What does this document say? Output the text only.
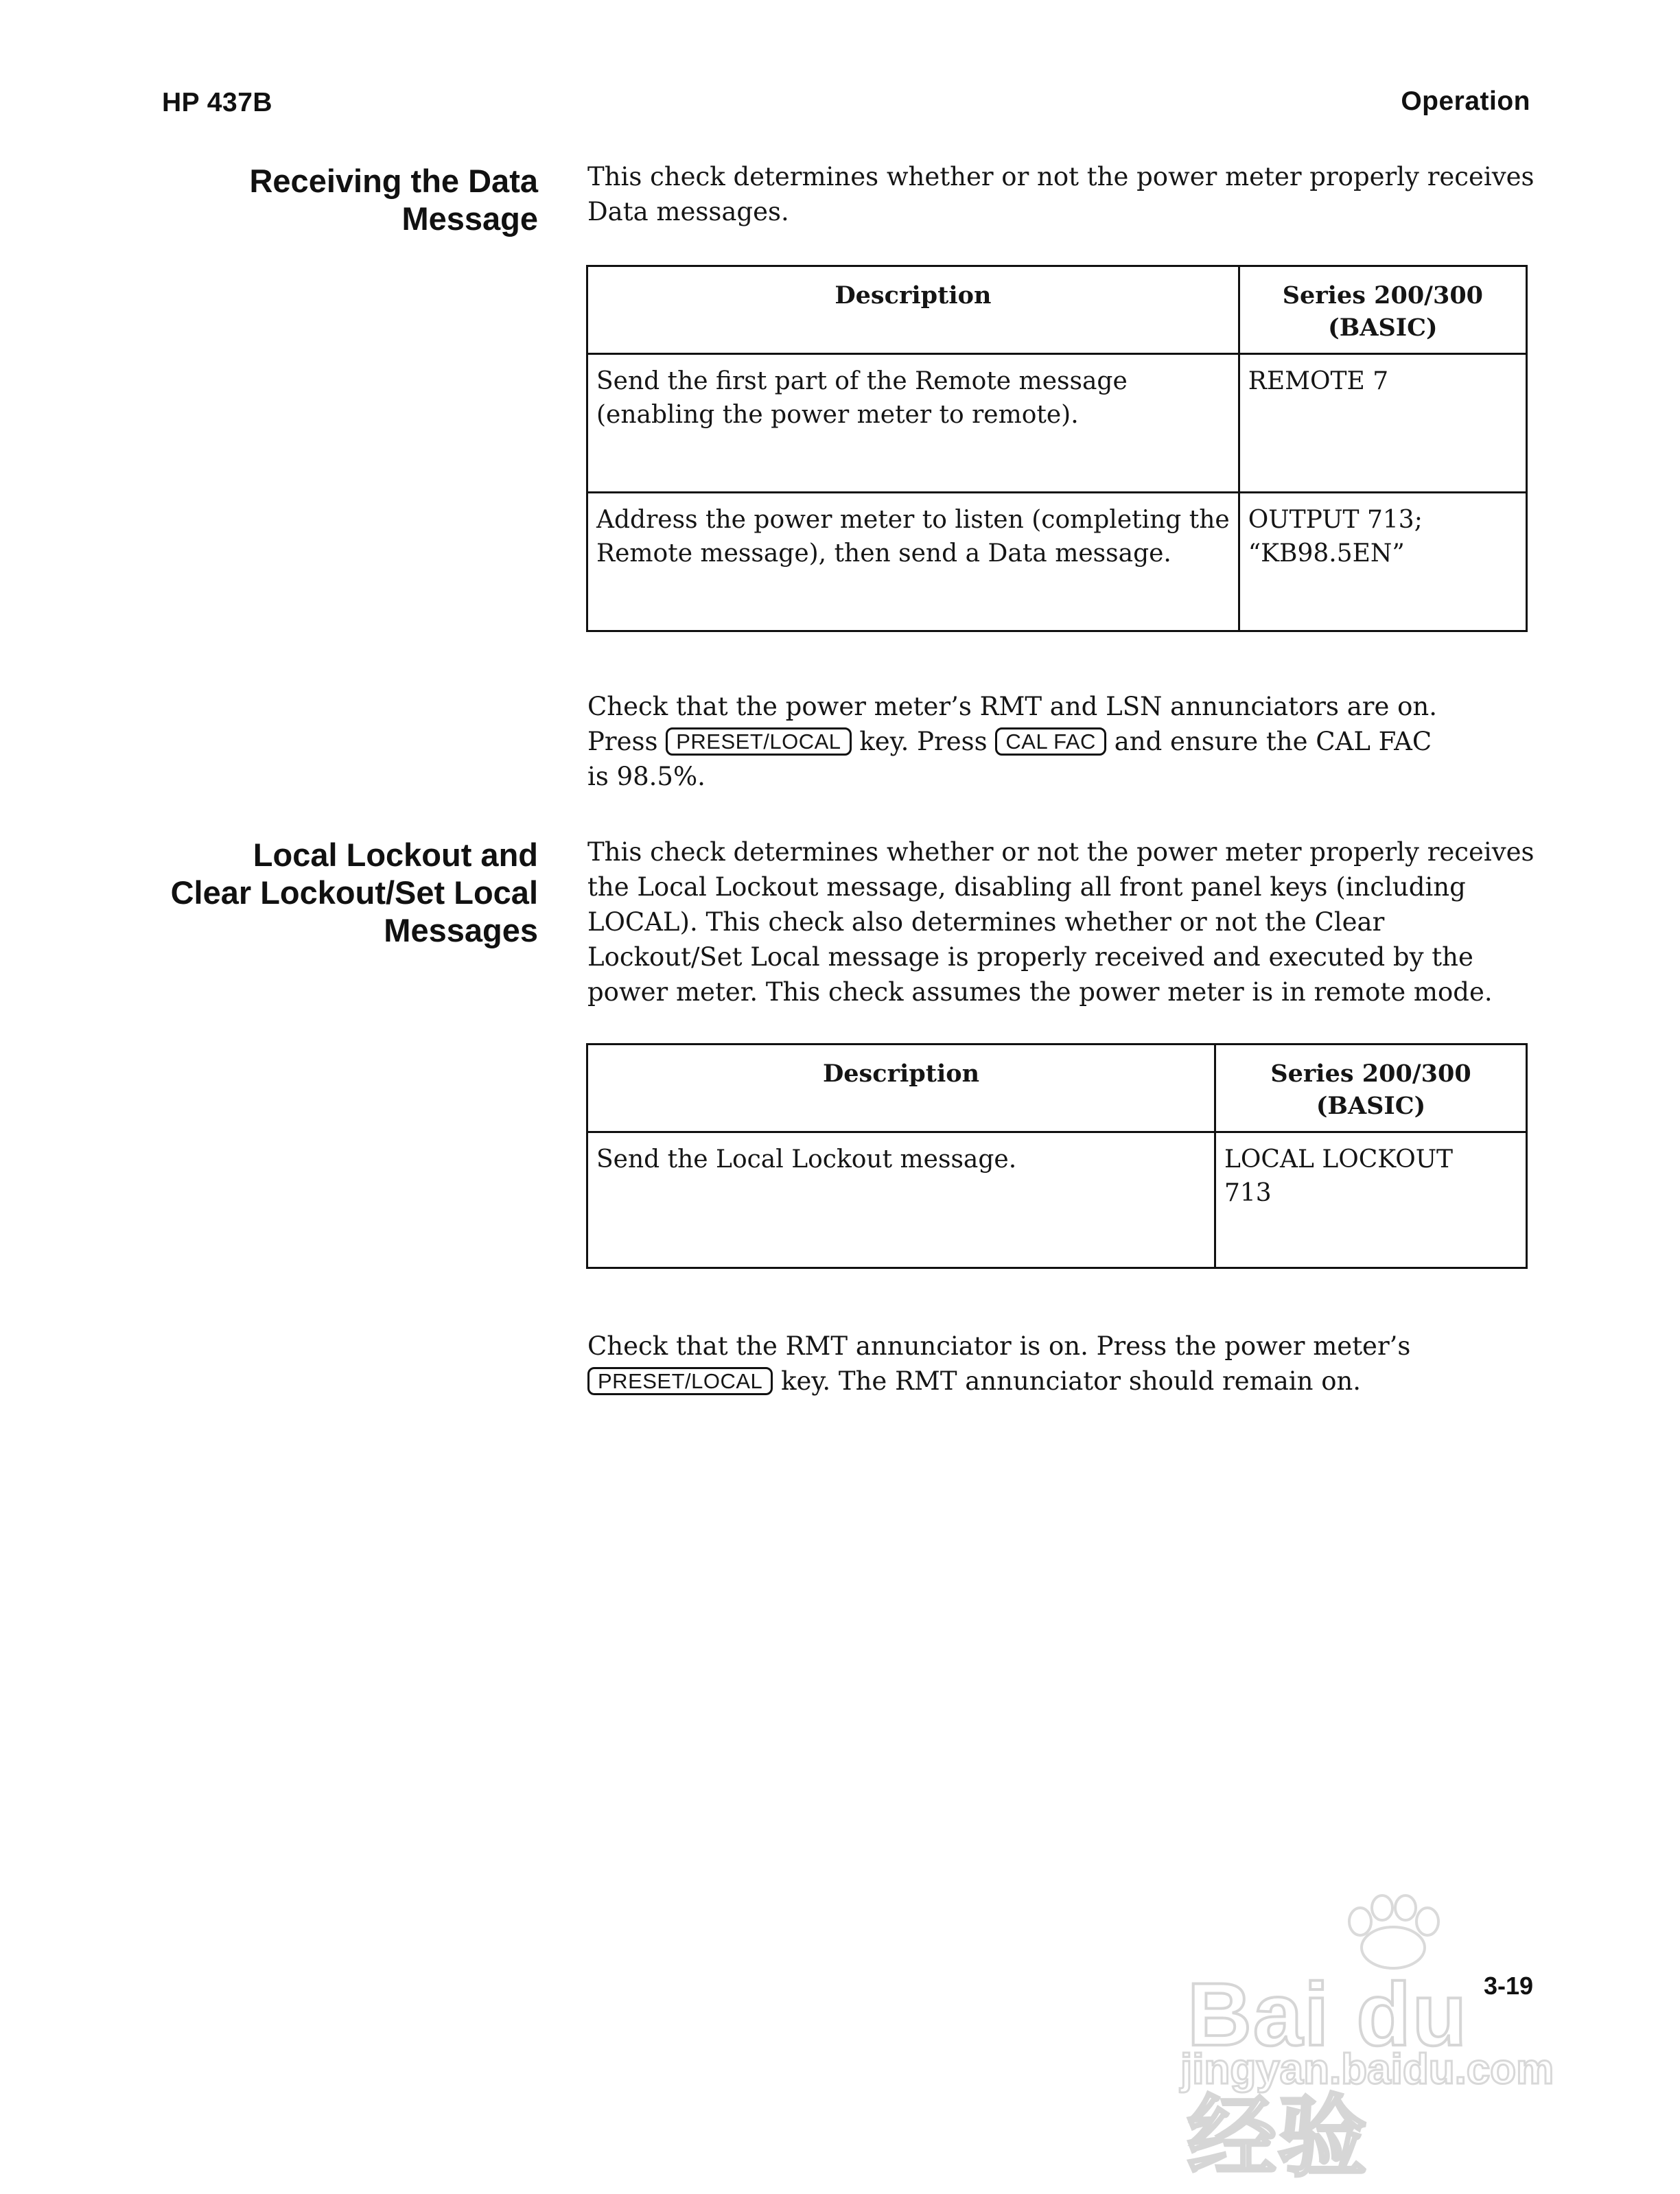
HP 437B	Operation
Receiving the Data
Message
This check determines whether or not the power meter properly receives
Data messages.
Description	Series 200/300
(BASIC)

Send the first part of the Remote message
(enabling the power meter to remote).	REMOTE 7

Address the power meter to listen (completing the
Remote message), then send a Data message.	OUTPUT 713;
“KB98.5EN”
Check that the power meter’s RMT and LSN annunciators are on.
Press PRESET/LOCAL key. Press CAL FAC and ensure the CAL FAC
is 98.5%.
Local Lockout and
Clear Lockout/Set Local
Messages
This check determines whether or not the power meter properly receives
the Local Lockout message, disabling all front panel keys (including
LOCAL). This check also determines whether or not the Clear
Lockout/Set Local message is properly received and executed by the
power meter. This check assumes the power meter is in remote mode.
Description	Series 200/300
(BASIC)

Send the Local Lockout message.	LOCAL LOCKOUT
713
Check that the RMT annunciator is on. Press the power meter’s
PRESET/LOCAL key. The RMT annunciator should remain on.
Bai du 经验
jingyan.baidu.com
3-19
